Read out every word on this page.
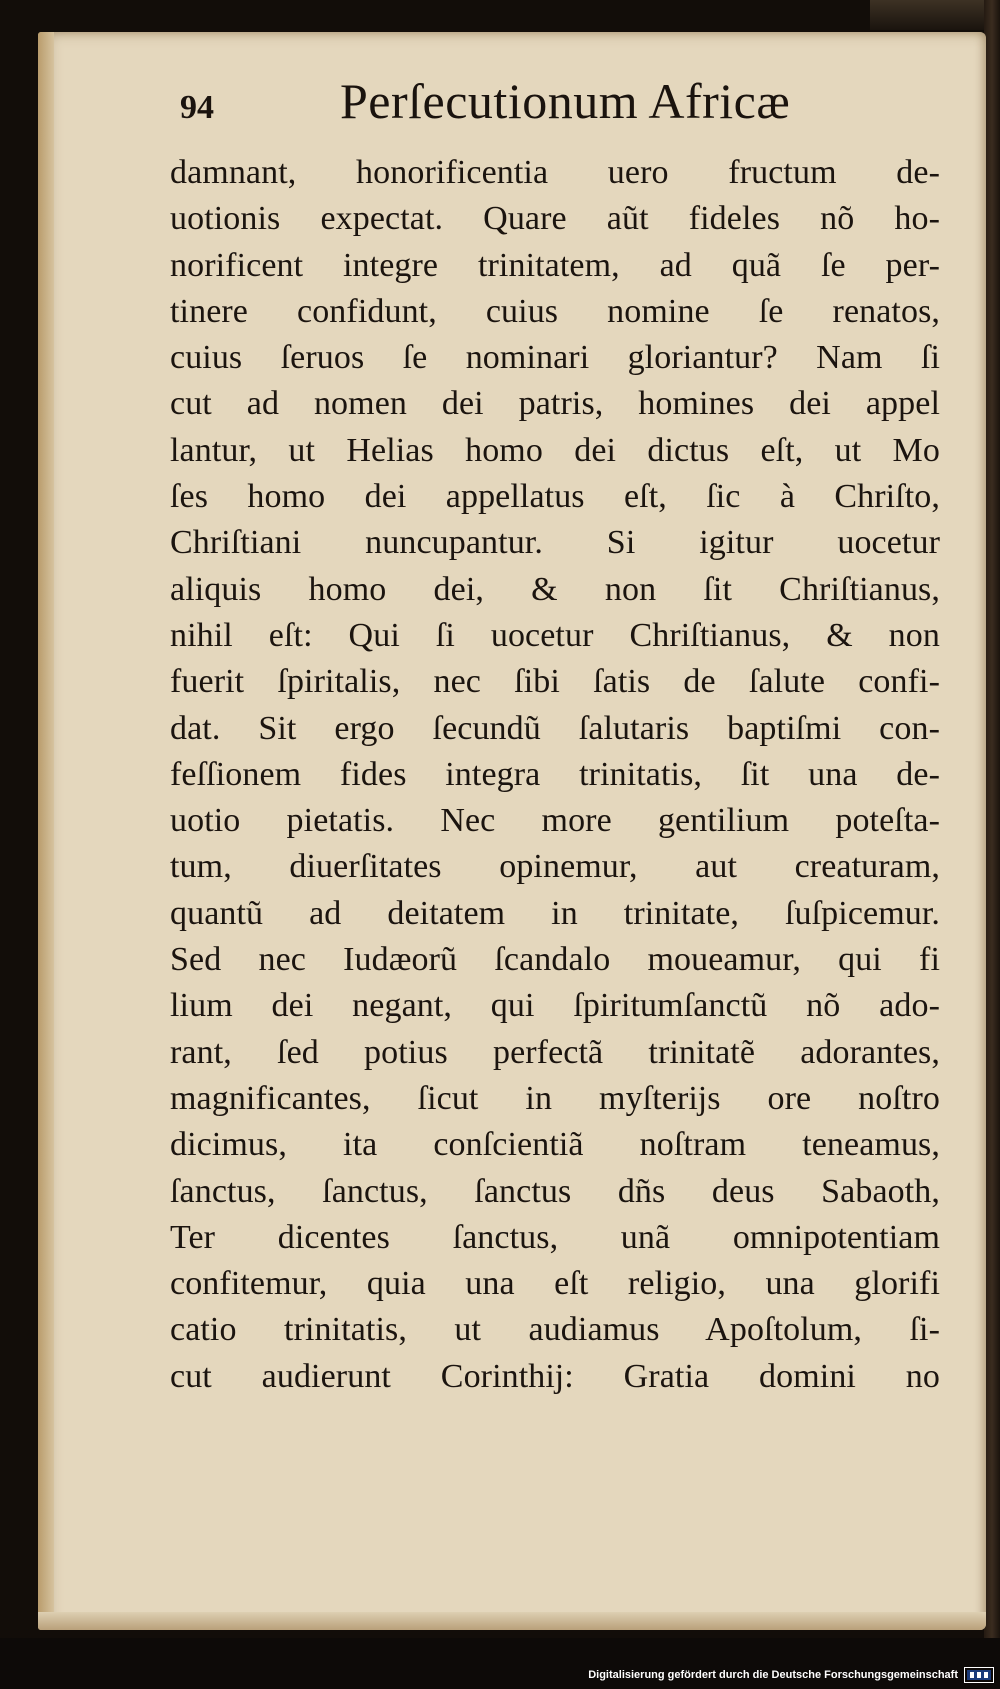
94	Perſecutionum Africæ
damnant, honorificentia uero fructum de-
uotionis expectat. Quare aũt fideles nõ ho-
norificent integre trinitatem, ad quã ſe per-
tinere confidunt, cuius nomine ſe renatos,
cuius ſeruos ſe nominari gloriantur? Nam ſi
cut ad nomen dei patris, homines dei appel
lantur, ut Helias homo dei dictus eſt, ut Mo
ſes homo dei appellatus eſt, ſic à Chriſto,
Chriſtiani nuncupantur. Si igitur uocetur
aliquis homo dei, & non ſit Chriſtianus,
nihil eſt: Qui ſi uocetur Chriſtianus, & non
fuerit ſpiritalis, nec ſibi ſatis de ſalute confi-
dat. Sit ergo ſecundũ ſalutaris baptiſmi con-
feſſionem fides integra trinitatis, ſit una de-
uotio pietatis. Nec more gentilium poteſta-
tum, diuerſitates opinemur, aut creaturam,
quantũ ad deitatem in trinitate, ſuſpicemur.
Sed nec Iudæorũ ſcandalo moueamur, qui fi
lium dei negant, qui ſpiritumſanctũ nõ ado-
rant, ſed potius perfectã trinitatẽ adorantes,
magnificantes, ſicut in myſterĳs ore noſtro
dicimus, ita conſcientiã noſtram teneamus,
ſanctus, ſanctus, ſanctus dñs deus Sabaoth,
Ter dicentes ſanctus, unã omnipotentiam
confitemur, quia una eſt religio, una glorifi
catio trinitatis, ut audiamus Apoſtolum, ſi-
cut audierunt Corinthĳ: Gratia domini no
Digitalisierung gefördert durch die Deutsche Forschungsgemeinschaft
